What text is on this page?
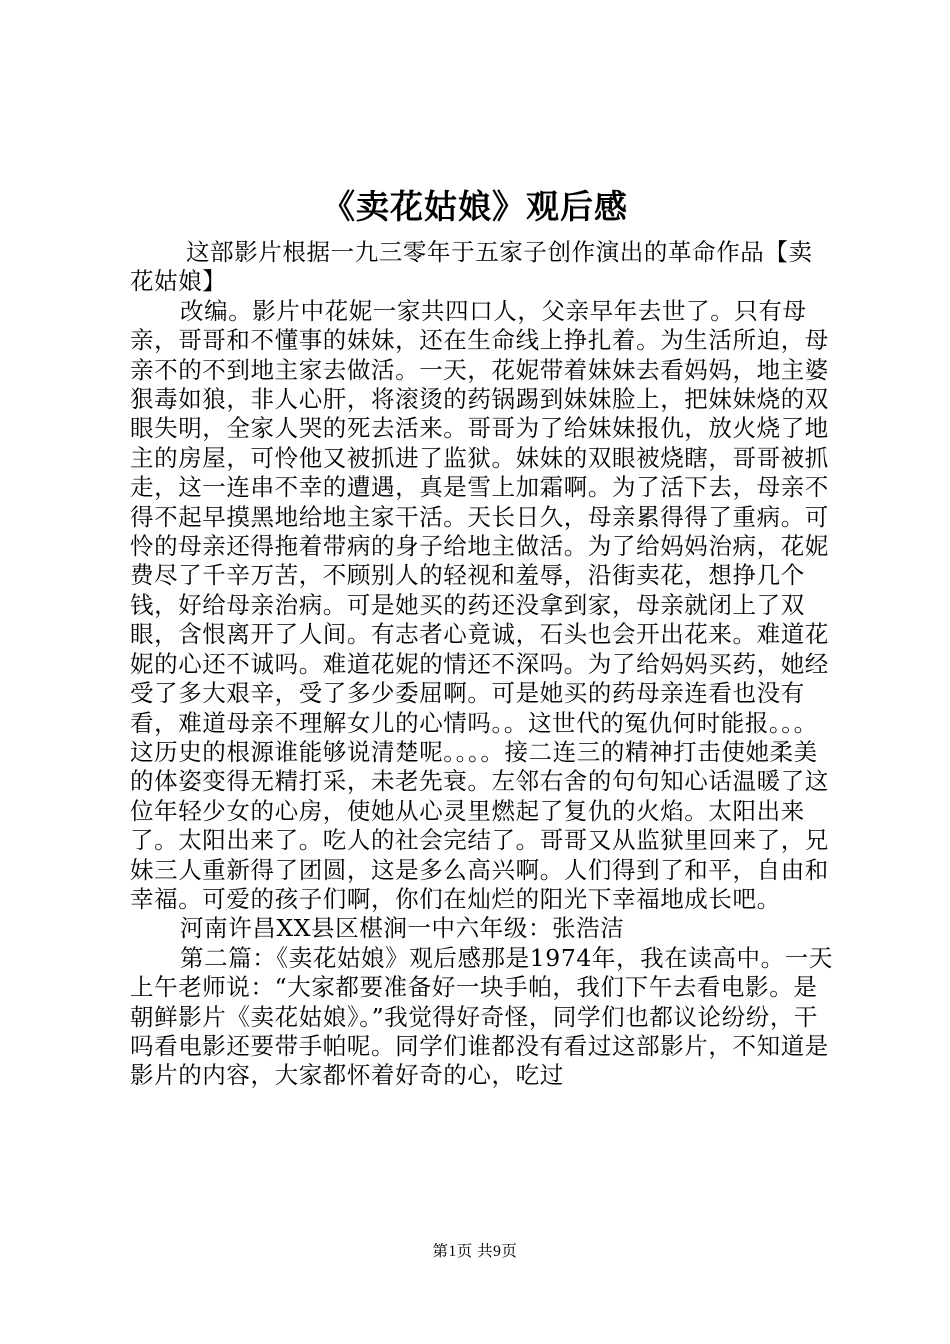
《卖花姑娘》观后感

这部影片根据一九三零年于五家子创作演出的革命作品【卖花姑娘】

改编。影片中花妮一家共四口人，父亲早年去世了。只有母亲，哥哥和不懂事的妹妹，还在生命线上挣扎着。为生活所迫，母亲不的不到地主家去做活。一天，花妮带着妹妹去看妈妈，地主婆狠毒如狼，非人心肝，将滚烫的药锅踢到妹妹脸上，把妹妹烧的双眼失明，全家人哭的死去活来。哥哥为了给妹妹报仇，放火烧了地主的房屋，可怜他又被抓进了监狱。妹妹的双眼被烧瞎，哥哥被抓走，这一连串不幸的遭遇，真是雪上加霜啊。为了活下去，母亲不得不起早摸黑地给地主家干活。天长日久，母亲累得得了重病。可怜的母亲还得拖着带病的身子给地主做活。为了给妈妈治病，花妮费尽了千辛万苦，不顾别人的轻视和羞辱，沿街卖花，想挣几个钱，好给母亲治病。可是她买的药还没拿到家，母亲就闭上了双眼，含恨离开了人间。有志者心竟诚，石头也会开出花来。难道花妮的心还不诚吗。难道花妮的情还不深吗。为了给妈妈买药，她经受了多大艰辛，受了多少委屈啊。可是她买的药母亲连看也没有看，难道母亲不理解女儿的心情吗。。这世代的冤仇何时能报。。。这历史的根源谁能够说清楚呢。。。。接二连三的精神打击使她柔美的体姿变得无精打采，未老先衰。左邻右舍的句句知心话温暖了这位年轻少女的心房，使她从心灵里燃起了复仇的火焰。太阳出来了。太阳出来了。吃人的社会完结了。哥哥又从监狱里回来了，兄妹三人重新得了团圆，这是多么高兴啊。人们得到了和平，自由和幸福。可爱的孩子们啊，你们在灿烂的阳光下幸福地成长吧。

河南许昌XX县区椹涧一中六年级：张浩洁

第二篇：《卖花姑娘》观后感那是1974年，我在读高中。一天上午老师说：“大家都要准备好一块手帕，我们下午去看电影。是朝鲜影片《卖花姑娘》。”我觉得好奇怪，同学们也都议论纷纷，干吗看电影还要带手帕呢。同学们谁都没有看过这部影片，不知道是影片的内容，大家都怀着好奇的心，吃过

第1页 共9页
